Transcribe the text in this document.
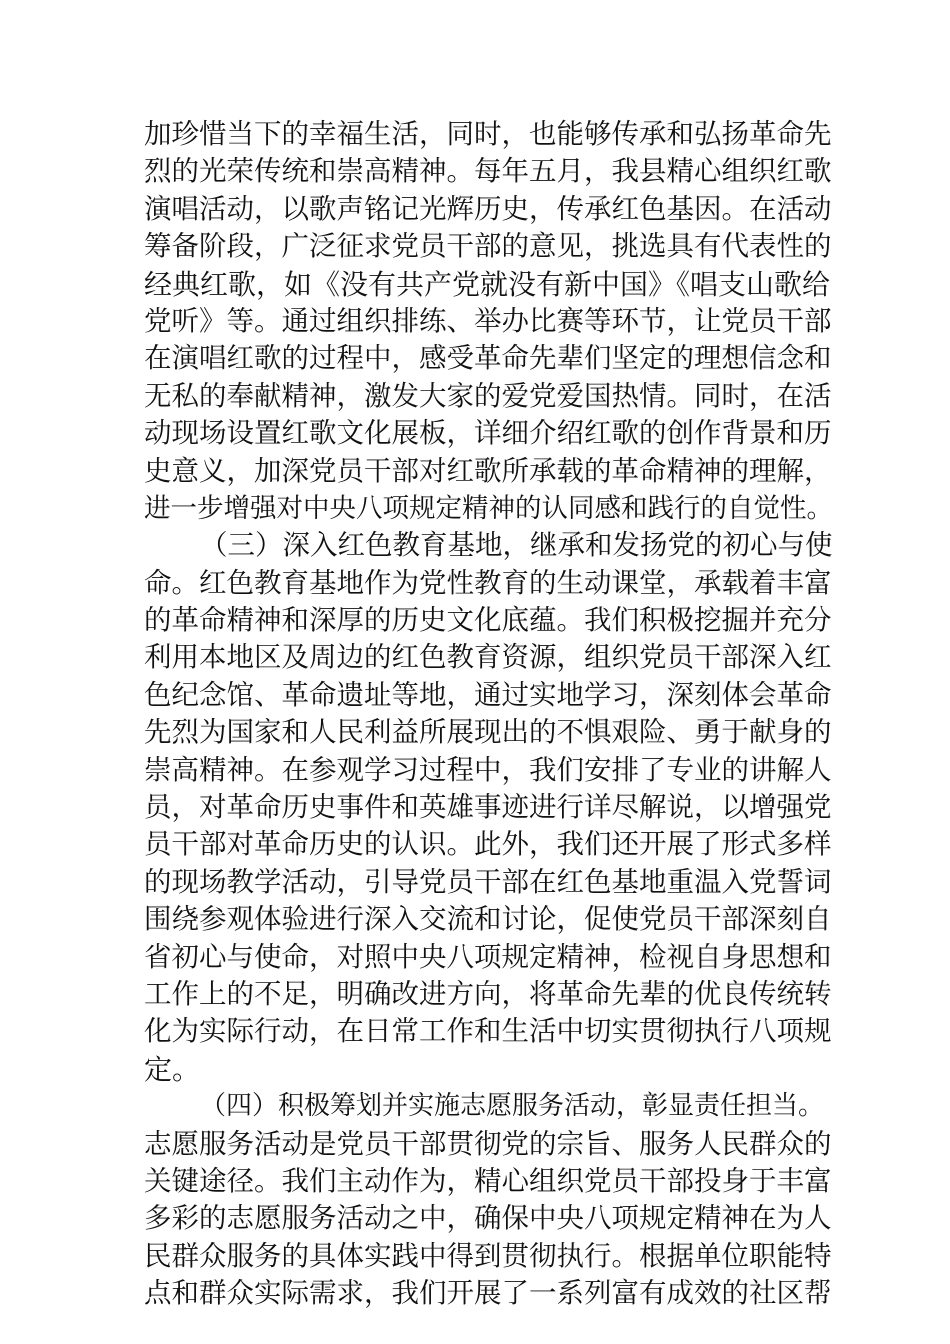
加珍惜当下的幸福生活，同时，也能够传承和弘扬革命先
烈的光荣传统和崇高精神。每年五月，我县精心组织红歌
演唱活动，以歌声铭记光辉历史，传承红色基因。在活动
筹备阶段，广泛征求党员干部的意见，挑选具有代表性的
经典红歌，如《没有共产党就没有新中国》《唱支山歌给
党听》等。通过组织排练、举办比赛等环节，让党员干部
在演唱红歌的过程中，感受革命先辈们坚定的理想信念和
无私的奉献精神，激发大家的爱党爱国热情。同时，在活
动现场设置红歌文化展板，详细介绍红歌的创作背景和历
史意义，加深党员干部对红歌所承载的革命精神的理解，
进一步增强对中央八项规定精神的认同感和践行的自觉性。
（三）深入红色教育基地，继承和发扬党的初心与使
命。红色教育基地作为党性教育的生动课堂，承载着丰富
的革命精神和深厚的历史文化底蕴。我们积极挖掘并充分
利用本地区及周边的红色教育资源，组织党员干部深入红
色纪念馆、革命遗址等地，通过实地学习，深刻体会革命
先烈为国家和人民利益所展现出的不惧艰险、勇于献身的
崇高精神。在参观学习过程中，我们安排了专业的讲解人
员，对革命历史事件和英雄事迹进行详尽解说，以增强党
员干部对革命历史的认识。此外，我们还开展了形式多样
的现场教学活动，引导党员干部在红色基地重温入党誓词
围绕参观体验进行深入交流和讨论，促使党员干部深刻自
省初心与使命，对照中央八项规定精神，检视自身思想和
工作上的不足，明确改进方向，将革命先辈的优良传统转
化为实际行动，在日常工作和生活中切实贯彻执行八项规
定。
（四）积极筹划并实施志愿服务活动，彰显责任担当。
志愿服务活动是党员干部贯彻党的宗旨、服务人民群众的
关键途径。我们主动作为，精心组织党员干部投身于丰富
多彩的志愿服务活动之中，确保中央八项规定精神在为人
民群众服务的具体实践中得到贯彻执行。根据单位职能特
点和群众实际需求，我们开展了一系列富有成效的社区帮
